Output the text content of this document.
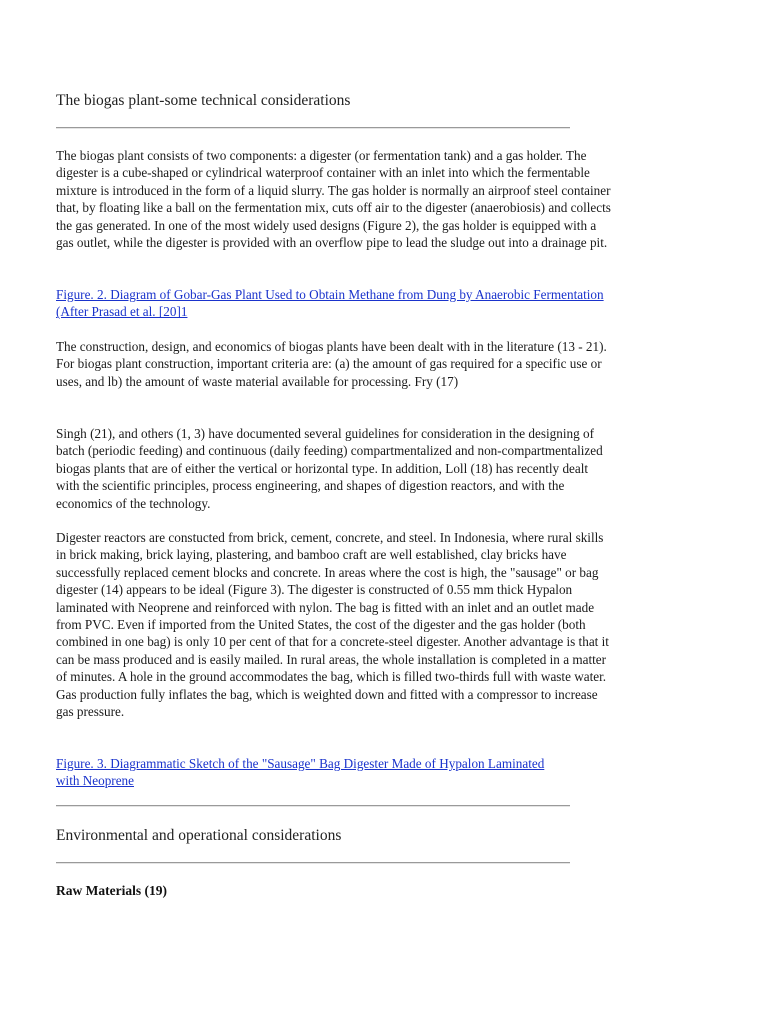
The biogas plant-some technical considerations

The biogas plant consists of two components: a digester (or fermentation tank) and a gas holder. The digester is a cube-shaped or cylindrical waterproof container with an inlet into which the fermentable mixture is introduced in the form of a liquid slurry. The gas holder is normally an airproof steel container that, by floating like a ball on the fermentation mix, cuts off air to the digester (anaerobiosis) and collects the gas generated. In one of the most widely used designs (Figure 2), the gas holder is equipped with a gas outlet, while the digester is provided with an overflow pipe to lead the sludge out into a drainage pit.

Figure. 2. Diagram of Gobar-Gas Plant Used to Obtain Methane from Dung by Anaerobic Fermentation (After Prasad et al. [20]1

The construction, design, and economics of biogas plants have been dealt with in the literature (13 - 21). For biogas plant construction, important criteria are: (a) the amount of gas required for a specific use or uses, and lb) the amount of waste material available for processing. Fry (17)

Singh (21), and others (1, 3) have documented several guidelines for consideration in the designing of batch (periodic feeding) and continuous (daily feeding) compartmentalized and non-compartmentalized biogas plants that are of either the vertical or horizontal type. In addition, Loll (18) has recently dealt with the scientific principles, process engineering, and shapes of digestion reactors, and with the economics of the technology.

Digester reactors are constucted from brick, cement, concrete, and steel. In Indonesia, where rural skills in brick making, brick laying, plastering, and bamboo craft are well established, clay bricks have successfully replaced cement blocks and concrete. In areas where the cost is high, the "sausage" or bag digester (14) appears to be ideal (Figure 3). The digester is constructed of 0.55 mm thick Hypalon laminated with Neoprene and reinforced with nylon. The bag is fitted with an inlet and an outlet made from PVC. Even if imported from the United States, the cost of the digester and the gas holder (both combined in one bag) is only 10 per cent of that for a concrete-steel digester. Another advantage is that it can be mass produced and is easily mailed. In rural areas, the whole installation is completed in a matter of minutes. A hole in the ground accommodates the bag, which is filled two-thirds full with waste water. Gas production fully inflates the bag, which is weighted down and fitted with a compressor to increase gas pressure.

Figure. 3. Diagrammatic Sketch of the "Sausage" Bag Digester Made of Hypalon Laminated with Neoprene
Environmental and operational considerations
Raw Materials (19)
